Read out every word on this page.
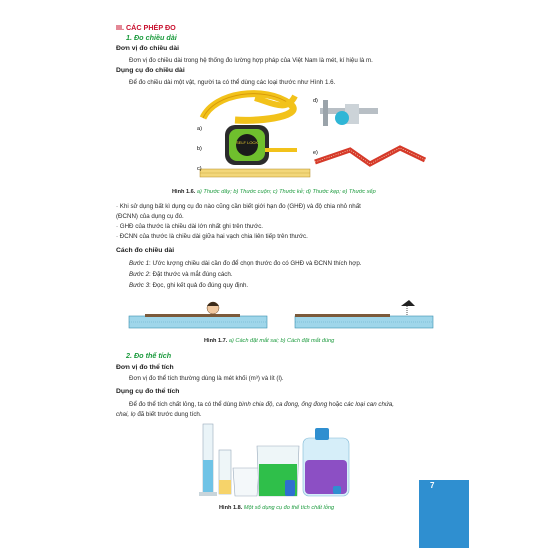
III. CÁC PHÉP ĐO
1. Đo chiều dài
Đơn vị đo chiều dài
Đơn vị đo chiều dài trong hệ thống đo lường hợp pháp của Việt Nam là mét, kí hiệu là m.
Dụng cụ đo chiều dài
Để đo chiều dài một vật, người ta có thể dùng các loại thước như Hình 1.6.
SELF LOCK
a)
b)
c)
d)
e)
Hình 1.6. a) Thước dây; b) Thước cuộn; c) Thước kẻ; d) Thước kẹp; e) Thước xếp
· Khi sử dụng bất kì dụng cụ đo nào cũng cần biết giới hạn đo (GHĐ) và độ chia nhỏ nhất
(ĐCNN) của dụng cụ đó.
· GHĐ của thước là chiều dài lớn nhất ghi trên thước.
· ĐCNN của thước là chiều dài giữa hai vạch chia liên tiếp trên thước.
Cách đo chiều dài
Bước 1: Ước lượng chiều dài cần đo để chọn thước đo có GHĐ và ĐCNN thích hợp.
Bước 2: Đặt thước và mắt đúng cách.
Bước 3: Đọc, ghi kết quả đo đúng quy định.
Hình 1.7. a) Cách đặt mắt sai; b) Cách đặt mắt đúng
2. Đo thể tích
Đơn vị đo thể tích
Đơn vị đo thể tích thường dùng là mét khối (m³) và lít (l).
Dụng cụ đo thể tích
Để đo thể tích chất lỏng, ta có thể dùng bình chia độ, ca đong, ống đong hoặc các loại can chứa,
chai, lọ đã biết trước dung tích.
Hình 1.8. Một số dụng cụ đo thể tích chất lỏng
7
